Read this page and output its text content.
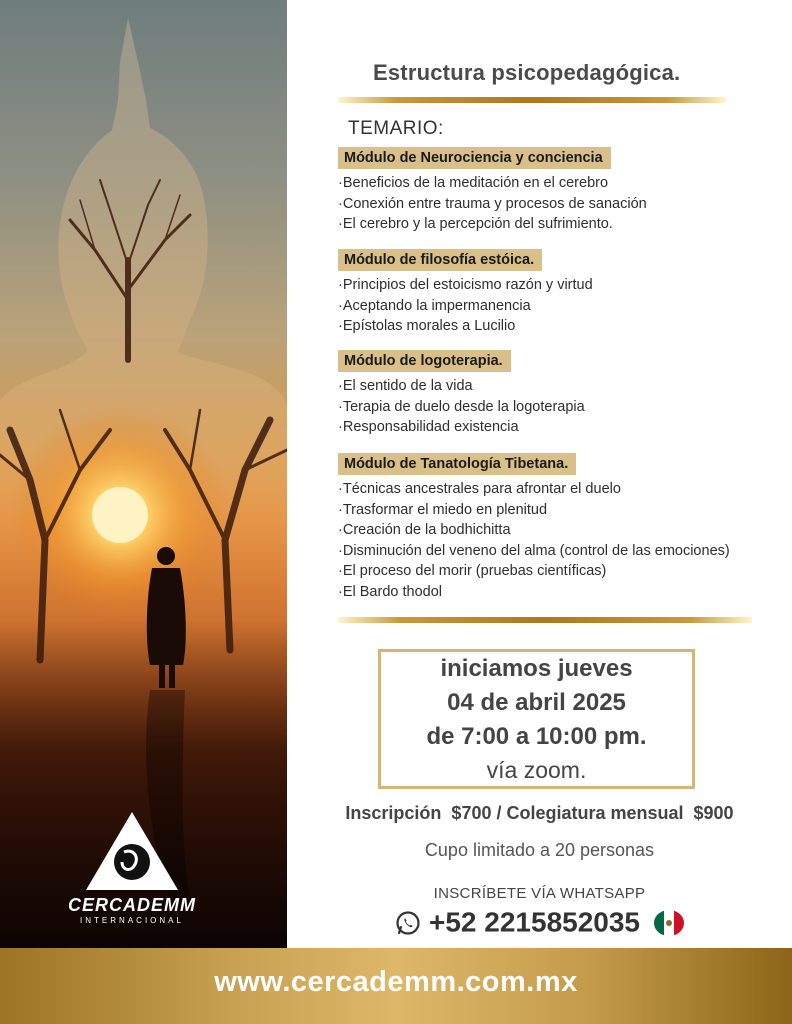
CERCADEMM
INTERNACIONAL
Estructura psicopedagógica.
TEMARIO:
Módulo de Neurociencia y conciencia
· Beneficios de la meditación en el cerebro
· Conexión entre trauma y procesos de sanación
· El cerebro y la percepción del sufrimiento.
Módulo de filosofía estóica.
· Principios del estoicismo razón y virtud
· Aceptando la impermanencia
· Epístolas morales a Lucilio
Módulo de logoterapia.
· El sentido de la vida
· Terapia de duelo desde la logoterapia
· Responsabilidad existencia
Módulo de Tanatología Tibetana.
· Técnicas ancestrales para afrontar el duelo
· Trasformar el miedo en plenitud
· Creación de la bodhichitta
· Disminución del veneno del alma (control de las emociones)
· El proceso del morir (pruebas científicas)
· El Bardo thodol
iniciamos jueves
04 de abril 2025
de 7:00 a 10:00 pm.
vía zoom.
Inscripción  $700 / Colegiatura mensual  $900
Cupo limitado a 20 personas
INSCRÍBETE VÍA WHATSAPP
+52 2215852035
www.cercademm.com.mx
